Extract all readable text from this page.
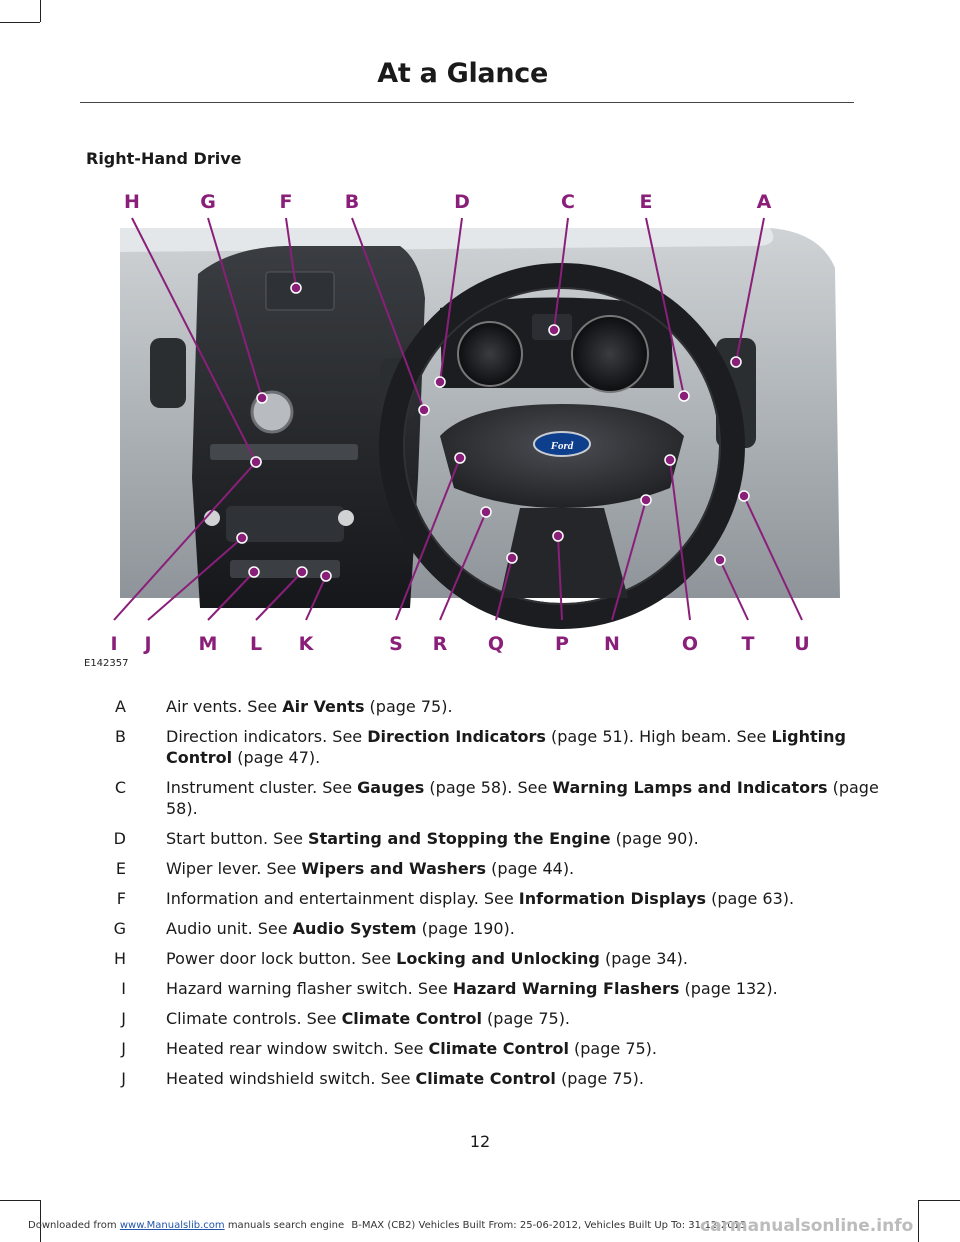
At a Glance
Right-Hand Drive
Ford
H	G	F	B	D	C	E	A
I J M L K	S R Q	P N	O T U
E142357
A	Air vents. See Air Vents (page 75).
B	Direction indicators. See Direction Indicators (page 51). High beam. See Lighting Control (page 47).
C	Instrument cluster. See Gauges (page 58). See Warning Lamps and Indicators (page 58).
D	Start button. See Starting and Stopping the Engine (page 90).
E	Wiper lever. See Wipers and Washers (page 44).
F	Information and entertainment display. See Information Displays (page 63).
G	Audio unit. See Audio System (page 190).
H	Power door lock button. See Locking and Unlocking (page 34).
I	Hazard warning flasher switch. See Hazard Warning Flashers (page 132).
J	Climate controls. See Climate Control (page 75).
J	Heated rear window switch. See Climate Control (page 75).
J	Heated windshield switch. See Climate Control (page 75).
12
Downloaded from www.Manualslib.com manuals search engine B-MAX (CB2) Vehicles Built From: 25-06-2012, Vehicles Built Up To: 31-12-2013
carmanualsonline.info
